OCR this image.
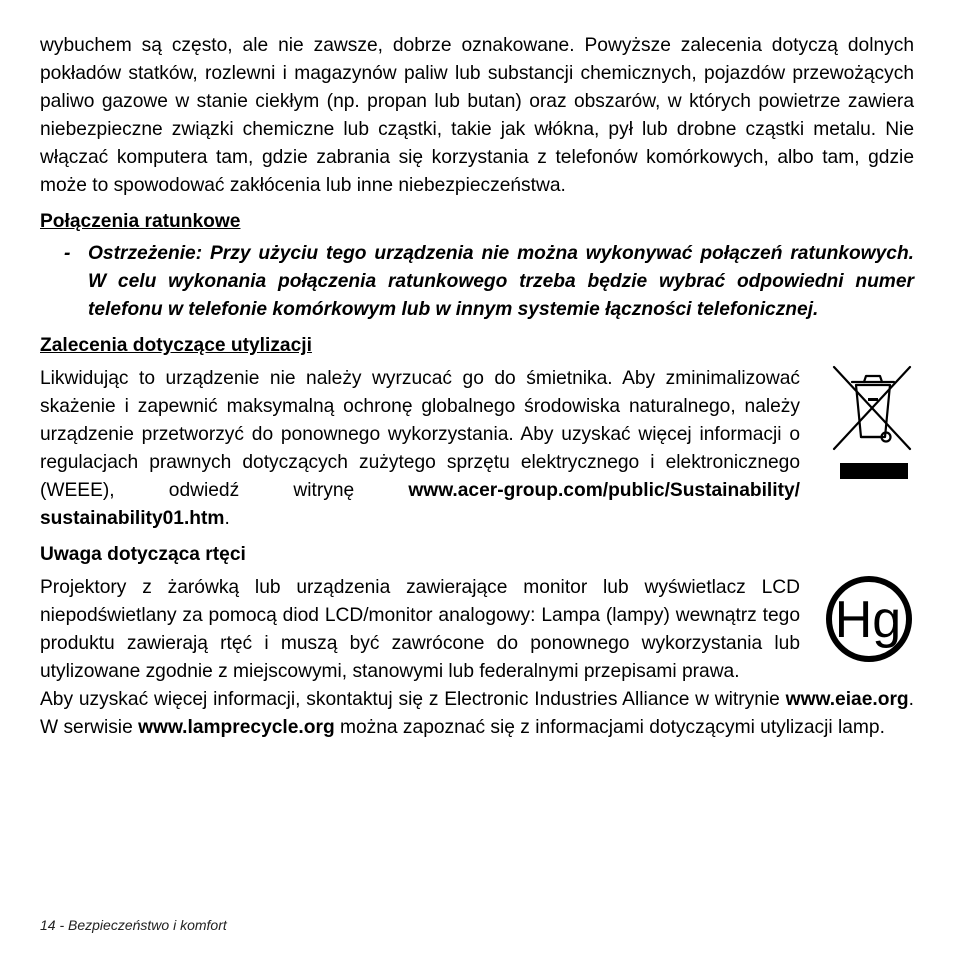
wybuchem są często, ale nie zawsze, dobrze oznakowane. Powyższe zalecenia dotyczą dolnych pokładów statków, rozlewni i magazynów paliw lub substancji chemicznych, pojazdów przewożących paliwo gazowe w stanie ciekłym (np. propan lub butan) oraz obszarów, w których powietrze zawiera niebezpieczne związki chemiczne lub cząstki, takie jak włókna, pył lub drobne cząstki metalu. Nie włączać komputera tam, gdzie zabrania się korzystania z telefonów komórkowych, albo tam, gdzie może to spowodować zakłócenia lub inne niebezpieczeństwa.

Połączenia ratunkowe
- Ostrzeżenie: Przy użyciu tego urządzenia nie można wykonywać połączeń ratunkowych. W celu wykonania połączenia ratunkowego trzeba będzie wybrać odpowiedni numer telefonu w telefonie komórkowym lub w innym systemie łączności telefonicznej.
Zalecenia dotyczące utylizacji

Likwidując to urządzenie nie należy wyrzucać go do śmietnika. Aby zminimalizować skażenie i zapewnić maksymalną ochronę globalnego środowiska naturalnego, należy urządzenie przetworzyć do ponownego wykorzystania. Aby uzyskać więcej informacji o regulacjach prawnych dotyczących zużytego sprzętu elektrycznego i elektronicznego (WEEE), odwiedź witrynę	www.acer-group.com/public/Sustainability/ sustainability01.htm.

Uwaga dotycząca rtęci

Projektory z żarówką lub urządzenia zawierające monitor lub wyświetlacz LCD niepodświetlany za pomocą diod LCD/monitor analogowy: Lampa (lampy) wewnątrz tego produktu zawierają rtęć i muszą być zawrócone do ponownego wykorzystania lub utylizowane zgodnie z miejscowymi, stanowymi lub federalnymi przepisami prawa.

Hg

Aby uzyskać więcej informacji, skontaktuj się z Electronic Industries Alliance w witrynie www.eiae.org. W serwisie www.lamprecycle.org można zapoznać się z informacjami dotyczącymi utylizacji lamp.

14 - Bezpieczeństwo i komfort
